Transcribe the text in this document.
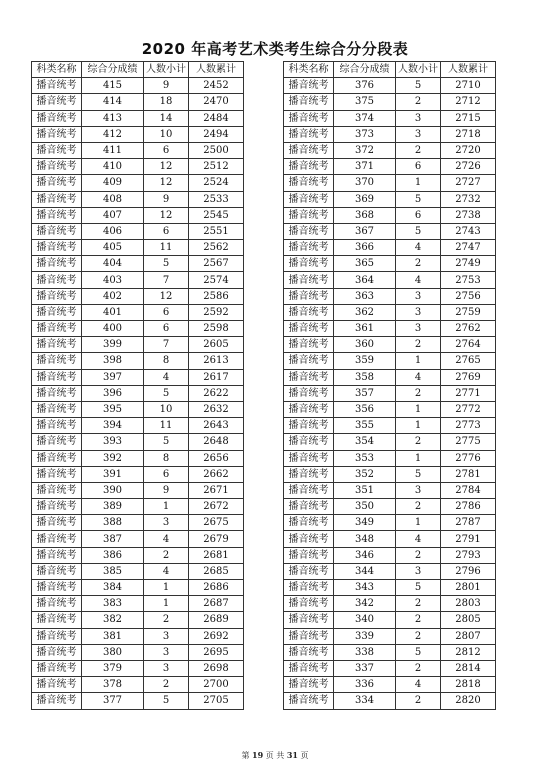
2020 年高考艺术类考生综合分分段表
科类名称	综合分成绩	人数小计	人数累计
播音统考	415	9	2452
播音统考	414	18	2470
播音统考	413	14	2484
播音统考	412	10	2494
播音统考	411	6	2500
播音统考	410	12	2512
播音统考	409	12	2524
播音统考	408	9	2533
播音统考	407	12	2545
播音统考	406	6	2551
播音统考	405	11	2562
播音统考	404	5	2567
播音统考	403	7	2574
播音统考	402	12	2586
播音统考	401	6	2592
播音统考	400	6	2598
播音统考	399	7	2605
播音统考	398	8	2613
播音统考	397	4	2617
播音统考	396	5	2622
播音统考	395	10	2632
播音统考	394	11	2643
播音统考	393	5	2648
播音统考	392	8	2656
播音统考	391	6	2662
播音统考	390	9	2671
播音统考	389	1	2672
播音统考	388	3	2675
播音统考	387	4	2679
播音统考	386	2	2681
播音统考	385	4	2685
播音统考	384	1	2686
播音统考	383	1	2687
播音统考	382	2	2689
播音统考	381	3	2692
播音统考	380	3	2695
播音统考	379	3	2698
播音统考	378	2	2700
播音统考	377	5	2705
科类名称	综合分成绩	人数小计	人数累计
播音统考	376	5	2710
播音统考	375	2	2712
播音统考	374	3	2715
播音统考	373	3	2718
播音统考	372	2	2720
播音统考	371	6	2726
播音统考	370	1	2727
播音统考	369	5	2732
播音统考	368	6	2738
播音统考	367	5	2743
播音统考	366	4	2747
播音统考	365	2	2749
播音统考	364	4	2753
播音统考	363	3	2756
播音统考	362	3	2759
播音统考	361	3	2762
播音统考	360	2	2764
播音统考	359	1	2765
播音统考	358	4	2769
播音统考	357	2	2771
播音统考	356	1	2772
播音统考	355	1	2773
播音统考	354	2	2775
播音统考	353	1	2776
播音统考	352	5	2781
播音统考	351	3	2784
播音统考	350	2	2786
播音统考	349	1	2787
播音统考	348	4	2791
播音统考	346	2	2793
播音统考	344	3	2796
播音统考	343	5	2801
播音统考	342	2	2803
播音统考	340	2	2805
播音统考	339	2	2807
播音统考	338	5	2812
播音统考	337	2	2814
播音统考	336	4	2818
播音统考	334	2	2820
第 19 页 共 31 页
